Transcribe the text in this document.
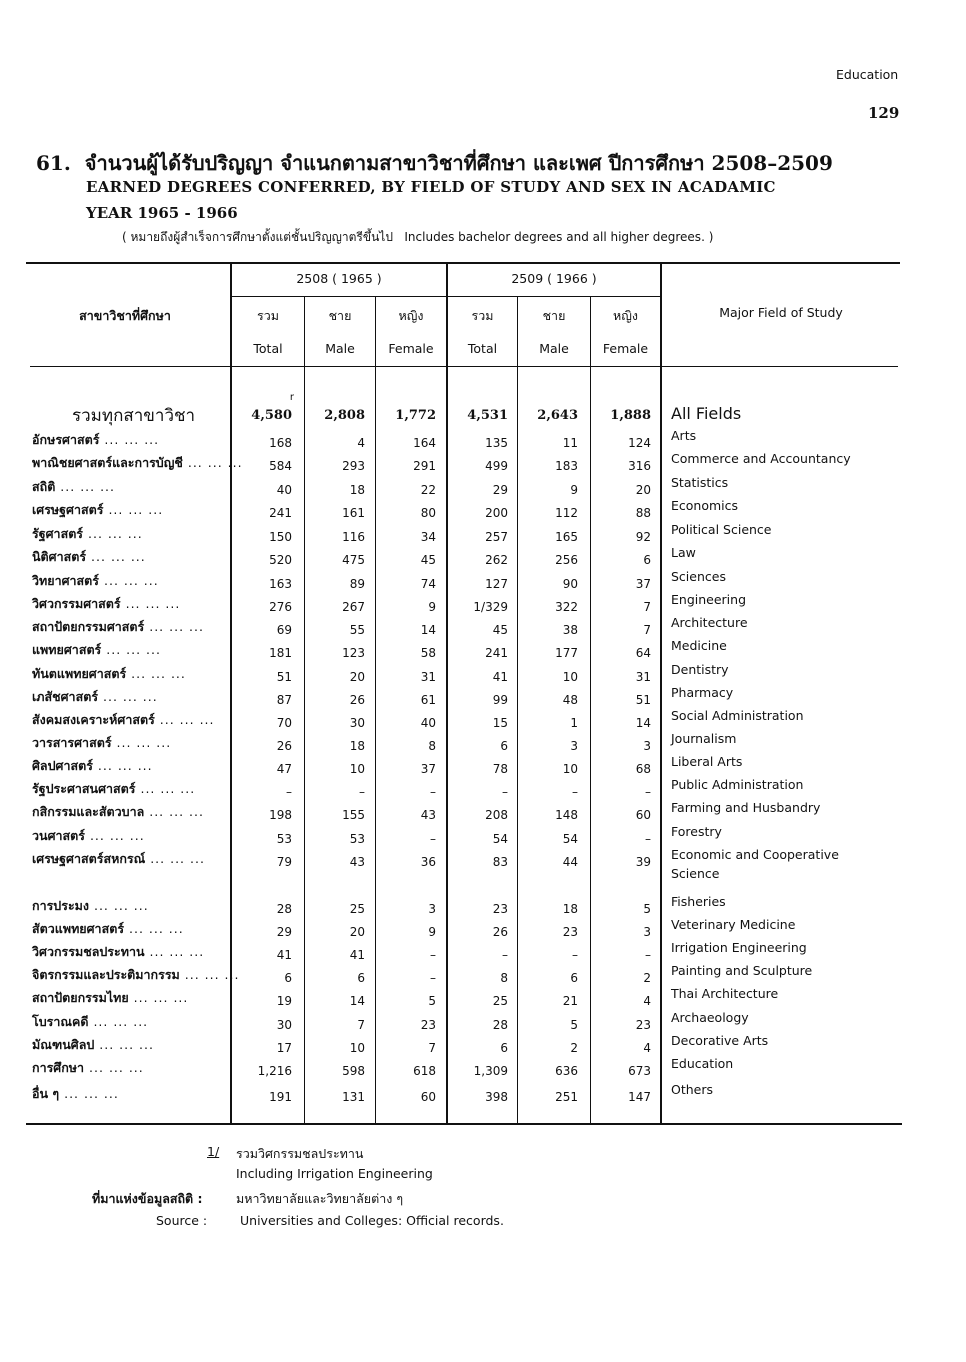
Education
129
61. จำนวนผู้ได้รับปริญญา จำแนกตามสาขาวิชาที่ศึกษา และเพศ ปีการศึกษา 2508–2509
EARNED DEGREES CONFERRED, BY FIELD OF STUDY AND SEX IN ACADAMIC
YEAR 1965 - 1966
( หมายถึงผู้สำเร็จการศึกษาตั้งแต่ชั้นปริญญาตรีขึ้นไป Includes bachelor degrees and all higher degrees. )
สาขาวิชาที่ศึกษา
2508 ( 1965 )	2509 ( 1966 )
Major Field of Study
รวม	ชาย	หญิง	รวม	ชาย	หญิง
Total	Male	Female	Total	Male	Female
รวมทุกสาขาวิชา
r
4,580	2,808	1,772	4,531	2,643	1,888 All Fields
อักษรศาสตร์ ... ... ...	168	4	164	135	11	124 Arts
พาณิชยศาสตร์และการบัญชี ... ... ...	584	293	291	499	183	316 Commerce and Accountancy
สถิติ ... ... ...	40	18	22	29	9	20 Statistics
เศรษฐศาสตร์ ... ... ...	241	161	80	200	112	88 Economics
รัฐศาสตร์ ... ... ...	150	116	34	257	165	92 Political Science
นิติศาสตร์ ... ... ...	520	475	45	262	256	6 Law
วิทยาศาสตร์ ... ... ...	163	89	74	127	90	37 Sciences
วิศวกรรมศาสตร์ ... ... ...	276	267	9	1/329	322	7 Engineering
สถาปัตยกรรมศาสตร์ ... ... ...	69	55	14	45	38	7 Architecture
แพทยศาสตร์ ... ... ...	181	123	58	241	177	64 Medicine
ทันตแพทยศาสตร์ ... ... ...	51	20	31	41	10	31 Dentistry
เภสัชศาสตร์ ... ... ...	87	26	61	99	48	51 Pharmacy
สังคมสงเคราะห์ศาสตร์ ... ... ...	70	30	40	15	1	14 Social Administration
วารสารศาสตร์ ... ... ...	26	18	8	6	3	3 Journalism
ศิลปศาสตร์ ... ... ...	47	10	37	78	10	68 Liberal Arts
รัฐประศาสนศาสตร์ ... ... ...	–	–	–	–	–	– Public Administration
กสิกรรมและสัตวบาล ... ... ...	198	155	43	208	148	60 Farming and Husbandry
วนศาสตร์ ... ... ...	53	53	–	54	54	– Forestry
เศรษฐศาสตร์สหกรณ์ ... ... ...	79	43	36	83	44	39 Economic and Cooperative
Science
การประมง ... ... ...	28	25	3	23	18	5 Fisheries
สัตวแพทยศาสตร์ ... ... ...	29	20	9	26	23	3 Veterinary Medicine
วิศวกรรมชลประทาน ... ... ...	41	41	–	–	–	– Irrigation Engineering
จิตรกรรมและประติมากรรม ... ... ...	6	6	–	8	6	2 Painting and Sculpture
สถาปัตยกรรมไทย ... ... ...	19	14	5	25	21	4 Thai Architecture
โบราณคดี ... ... ...	30	7	23	28	5	23 Archaeology
มัณฑนศิลป ... ... ...	17	10	7	6	2	4 Decorative Arts
การศึกษา ... ... ...	1,216	598	618	1,309	636	673 Education
อื่น ๆ ... ... ...	191	131	60	398	251	147 Others
1/ รวมวิศกรรมชลประทาน
Including Irrigation Engineering
ที่มาแห่งข้อมูลสถิติ :	มหาวิทยาลัยและวิทยาลัยต่าง ๆ
Source :	Universities and Colleges: Official records.
